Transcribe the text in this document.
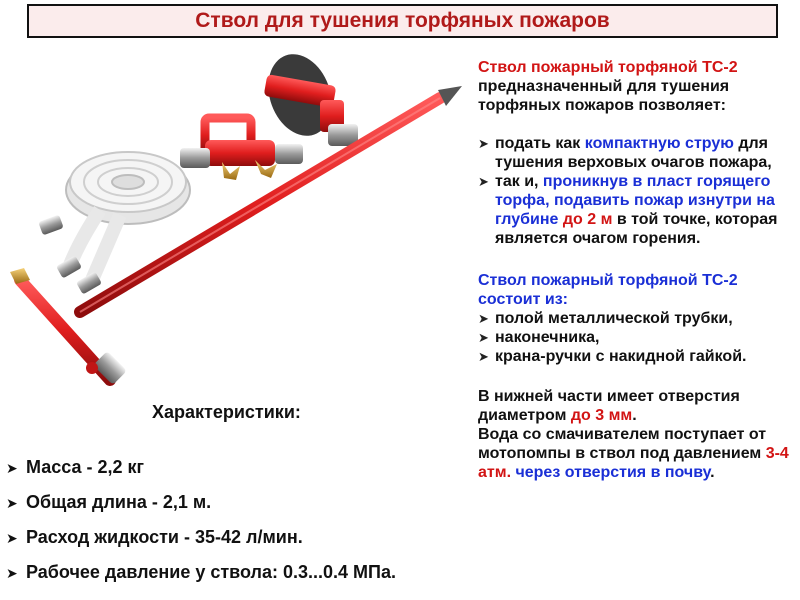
Ствол для тушения торфяных пожаров

Ствол пожарный торфяной ТС-2 предназначенный для тушения торфяных пожаров позволяет:

➤ подать как компактную струю для тушения верховых очагов пожара,
➤ так и, проникнув в пласт горящего торфа, подавить пожар изнутри на глубине до 2 м в той точке, которая является очагом горения.

Ствол пожарный торфяной ТС-2 состоит из:

➤ полой металлической трубки,
➤ наконечника,
➤ крана-ручки с накидной гайкой.

В нижней части имеет отверстия диаметром до 3 мм.

Вода со смачивателем поступает от мотопомпы в ствол под давлением 3-4 атм. через отверстия в почву.

Характеристики:
➤ Масса - 2,2 кг
➤ Общая длина - 2,1 м.
➤ Расход жидкости - 35-42 л/мин.
➤ Рабочее давление у ствола: 0.3...0.4 МПа.
